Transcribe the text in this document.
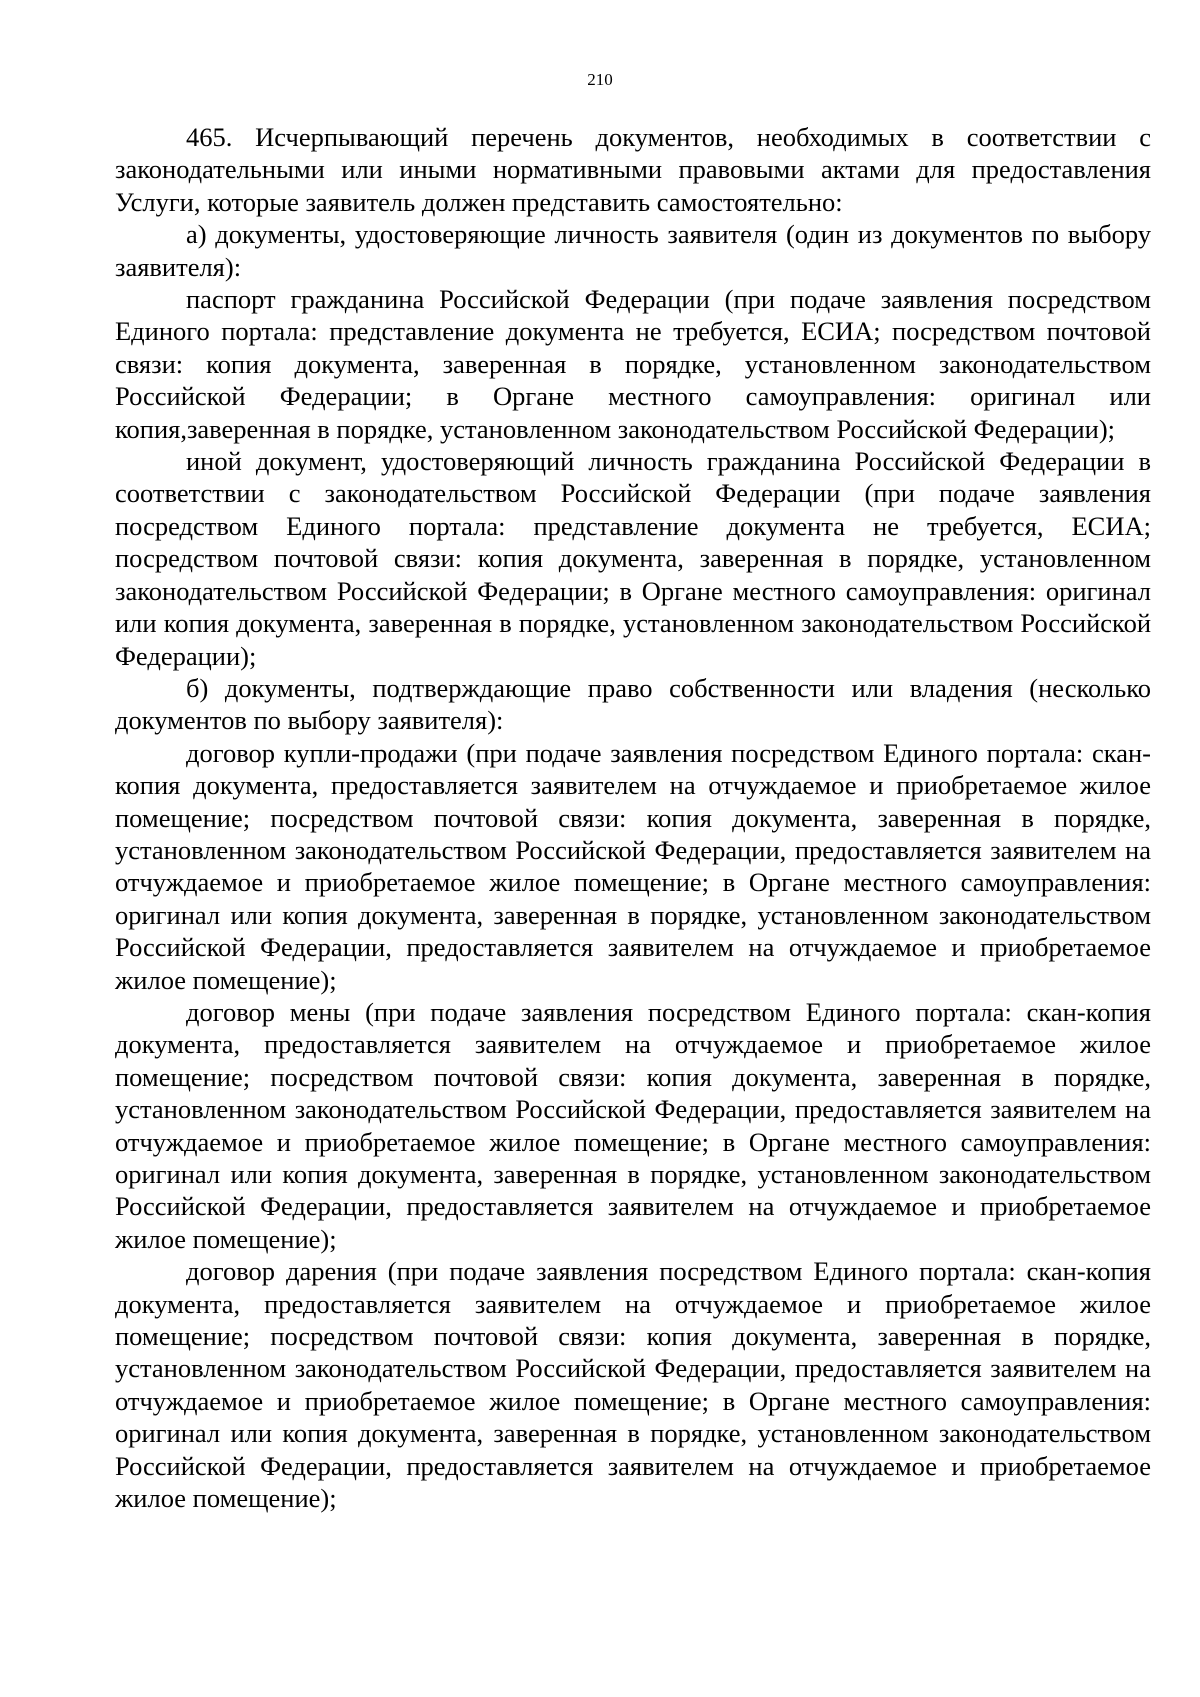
210

465. Исчерпывающий перечень документов, необходимых в соответствии с законодательными или иными нормативными правовыми актами для предоставления Услуги, которые заявитель должен представить самостоятельно:

а) документы, удостоверяющие личность заявителя (один из документов по выбору заявителя):

паспорт гражданина Российской Федерации (при подаче заявления посредством Единого портала: представление документа не требуется, ЕСИА; посредством почтовой связи: копия документа, заверенная в порядке, установленном законодательством Российской Федерации; в Органе местного самоуправления: оригинал или копия,заверенная в порядке, установленном законодательством Российской Федерации);

иной документ, удостоверяющий личность гражданина Российской Федерации в соответствии с законодательством Российской Федерации (при подаче заявления посредством Единого портала: представление документа не требуется, ЕСИА; посредством почтовой связи: копия документа, заверенная в порядке, установленном законодательством Российской Федерации; в Органе местного самоуправления: оригинал или копия документа, заверенная в порядке, установленном законодательством Российской Федерации);

б) документы, подтверждающие право собственности или владения (несколько документов по выбору заявителя):

договор купли-продажи (при подаче заявления посредством Единого портала: скан-копия документа, предоставляется заявителем на отчуждаемое и приобретаемое жилое помещение; посредством почтовой связи: копия документа, заверенная в порядке, установленном законодательством Российской Федерации, предоставляется заявителем на отчуждаемое и приобретаемое жилое помещение; в Органе местного самоуправления: оригинал или копия документа, заверенная в порядке, установленном законодательством Российской Федерации, предоставляется заявителем на отчуждаемое и приобретаемое жилое помещение);

договор мены (при подаче заявления посредством Единого портала: скан-копия документа, предоставляется заявителем на отчуждаемое и приобретаемое жилое помещение; посредством почтовой связи: копия документа, заверенная в порядке, установленном законодательством Российской Федерации, предоставляется заявителем на отчуждаемое и приобретаемое жилое помещение; в Органе местного самоуправления: оригинал или копия документа, заверенная в порядке, установленном законодательством Российской Федерации, предоставляется заявителем на отчуждаемое и приобретаемое жилое помещение);

договор дарения (при подаче заявления посредством Единого портала: скан-копия документа, предоставляется заявителем на отчуждаемое и приобретаемое жилое помещение; посредством почтовой связи: копия документа, заверенная в порядке, установленном законодательством Российской Федерации, предоставляется заявителем на отчуждаемое и приобретаемое жилое помещение; в Органе местного самоуправления: оригинал или копия документа, заверенная в порядке, установленном законодательством Российской Федерации, предоставляется заявителем на отчуждаемое и приобретаемое жилое помещение);
